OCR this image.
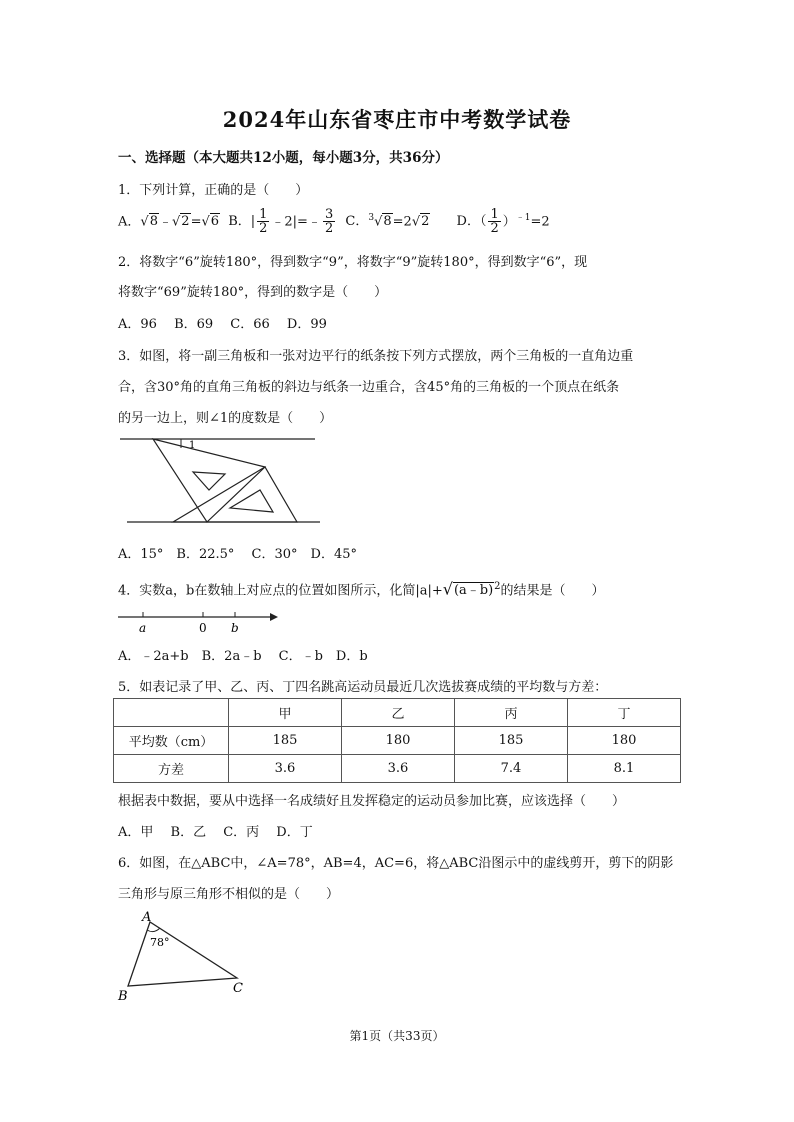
2024年山东省枣庄市中考数学试卷
一、选择题（本大题共12小题，每小题3分，共36分）
1．下列计算，正确的是（　　）
A．√8﹣√2=√6 B．| $\frac{1}{2}$ ﹣2|=﹣ $\frac{3}{2}$ C．$^3$√8=2√2 D．（ $\frac{1}{2} )^{﹣1}=2$
2．将数字“6”旋转180°，得到数字“9”，将数字“9”旋转180°，得到数字“6”，现
将数字“69”旋转180°，得到的数字是（　　）
A．96　 B．69　 C．66　 D．99
3．如图，将一副三角板和一张对边平行的纸条按下列方式摆放，两个三角板的一直角边重
合，含30°角的直角三角板的斜边与纸条一边重合，含45°角的三角板的一个顶点在纸条
的另一边上，则∠1的度数是（　　）
1
A．15°　B．22.5°　 C．30°　D．45°
4．实数a，b在数轴上对应点的位置如图所示，化简|a|+√(a﹣b)$^2$的结果是（　　）
a	0 b
A．﹣2a+b　B．2a﹣b　 C．﹣b　D．b
5．如表记录了甲、乙、丙、丁四名跳高运动员最近几次选拔赛成绩的平均数与方差：
	甲	乙	丙	丁
平均数（cm）	185	180	185	180
方差	3.6	3.6	7.4	8.1
根据表中数据，要从中选择一名成绩好且发挥稳定的运动员参加比赛，应该选择（　　）
A．甲　 B．乙　 C．丙　 D．丁
6．如图，在△ABC中，∠A=78°，AB=4，AC=6，将△ABC沿图示中的虚线剪开，剪下的阴影
三角形与原三角形不相似的是（　　）
A
78°
B
C
第1页（共33页）
